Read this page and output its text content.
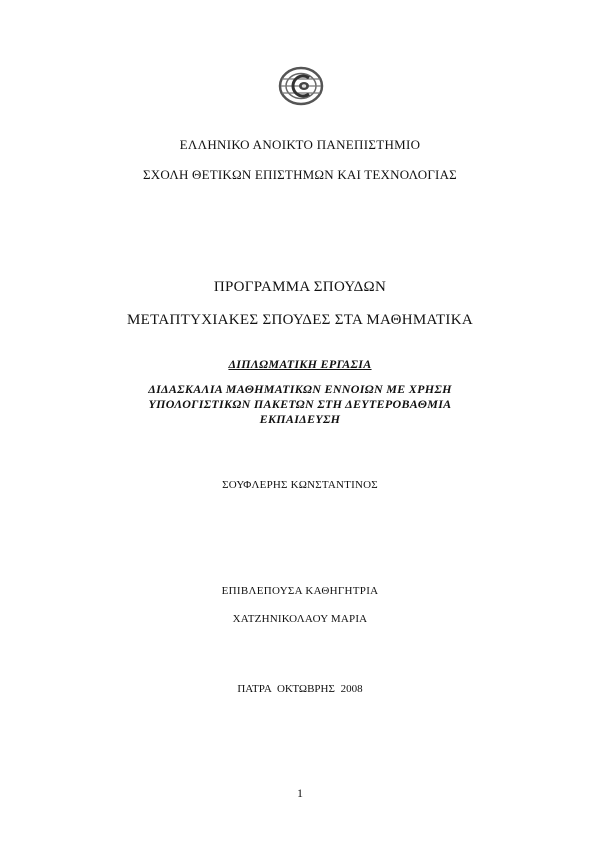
ΕΛΛΗΝΙΚΟ ΑΝΟΙΚΤΟ ΠΑΝΕΠΙΣΤΗΜΙΟ
ΣΧΟΛΗ ΘΕΤΙΚΩΝ ΕΠΙΣΤΗΜΩΝ ΚΑΙ ΤΕΧΝΟΛΟΓΙΑΣ
ΠΡΟΓΡΑΜΜΑ ΣΠΟΥΔΩΝ
ΜΕΤΑΠΤΥΧΙΑΚΕΣ ΣΠΟΥΔΕΣ ΣΤΑ ΜΑΘΗΜΑΤΙΚΑ
ΔΙΠΛΩΜΑΤΙΚΗ ΕΡΓΑΣΙΑ
ΔΙΔΑΣΚΑΛΙΑ ΜΑΘΗΜΑΤΙΚΩΝ ΕΝΝΟΙΩΝ ΜΕ ΧΡΗΣΗ
ΥΠΟΛΟΓΙΣΤΙΚΩΝ ΠΑΚΕΤΩΝ ΣΤΗ ΔΕΥΤΕΡΟΒΑΘΜΙΑ
ΕΚΠΑΙΔΕΥΣΗ
ΣΟΥΦΛΕΡΗΣ ΚΩΝΣΤΑΝΤΙΝΟΣ
ΕΠΙΒΛΕΠΟΥΣΑ ΚΑΘΗΓΗΤΡΙΑ
ΧΑΤΖΗΝΙΚΟΛΑΟΥ ΜΑΡΙΑ
ΠΑΤΡΑ ΟΚΤΩΒΡΗΣ 2008
1
